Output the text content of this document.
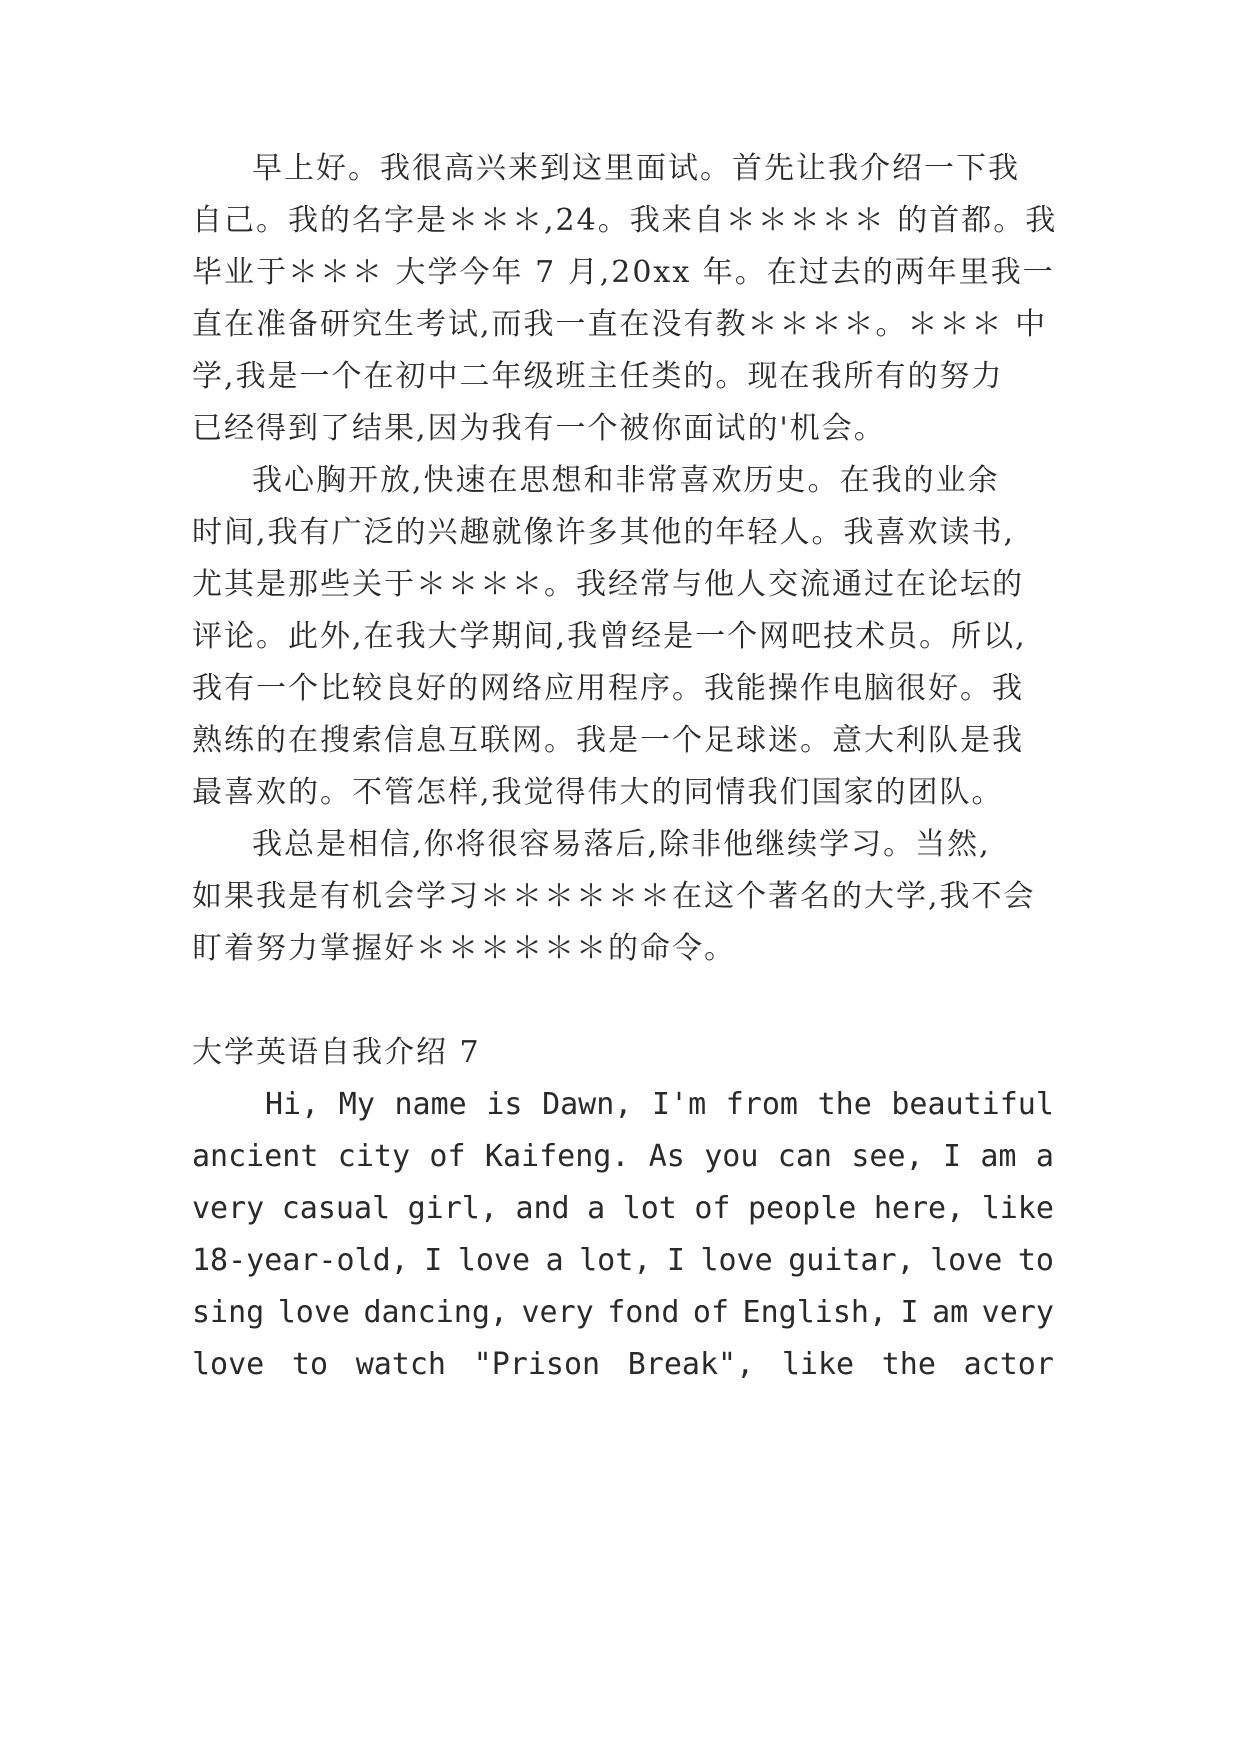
早上好。我很高兴来到这里面试。首先让我介绍一下我
自己。我的名字是＊＊＊,24。我来自＊＊＊＊＊ 的首都。我
毕业于＊＊＊ 大学今年 7 月,20xx 年。在过去的两年里我一
直在准备研究生考试,而我一直在没有教＊＊＊＊。＊＊＊ 中
学,我是一个在初中二年级班主任类的。现在我所有的努力
已经得到了结果,因为我有一个被你面试的'机会。
我心胸开放,快速在思想和非常喜欢历史。在我的业余
时间,我有广泛的兴趣就像许多其他的年轻人。我喜欢读书,
尤其是那些关于＊＊＊＊。我经常与他人交流通过在论坛的
评论。此外,在我大学期间,我曾经是一个网吧技术员。所以,
我有一个比较良好的网络应用程序。我能操作电脑很好。我
熟练的在搜索信息互联网。我是一个足球迷。意大利队是我
最喜欢的。不管怎样,我觉得伟大的同情我们国家的团队。
我总是相信,你将很容易落后,除非他继续学习。当然,
如果我是有机会学习＊＊＊＊＊＊在这个著名的大学,我不会
盯着努力掌握好＊＊＊＊＊＊的命令。
大学英语自我介绍 7
Hi, My name is Dawn, I'm from the beautiful
ancient city of Kaifeng. As you can see, I am a
very casual girl, and a lot of people here, like
18-year-old, I love a lot, I love guitar, love to
sing love dancing, very fond of English, I am very
love to watch "Prison Break", like the actor
